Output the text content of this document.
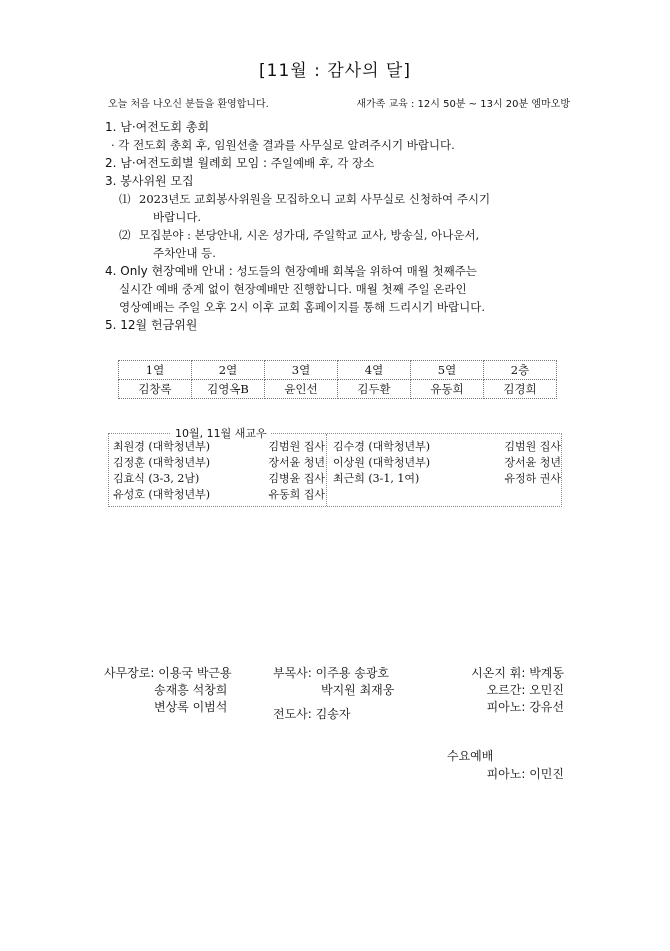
[11월 : 감사의 달]
오늘 처음 나오신 분들을 환영합니다.	새가족 교육 : 12시 50분 ~ 13시 20분 엠마오방
1. 남·여전도회 총회
· 각 전도회 총회 후, 임원선출 결과를 사무실로 알려주시기 바랍니다.
2. 남·여전도회별 월례회 모임 : 주일예배 후, 각 장소
3. 봉사위원 모집
⑴ 2023년도 교회봉사위원을 모집하오니 교회 사무실로 신청하여 주시기
바랍니다.
⑵ 모집분야 : 본당안내, 시온 성가대, 주일학교 교사, 방송실, 아나운서,
주차안내 등.
4. Only 현장예배 안내 : 성도들의 현장예배 회복을 위하여 매월 첫째주는
실시간 예배 중계 없이 현장예배만 진행합니다. 매월 첫째 주일 온라인
영상예배는 주일 오후 2시 이후 교회 홈페이지를 통해 드리시기 바랍니다.
5. 12월 헌금위원
1열	2열	3열	4열	5열	2층
김창록	김영옥B	윤인선	김두환	유동희	김경희
10월, 11월 새교우
최원경 (대학청년부)	김범원 집사
김정훈 (대학청년부)	장서윤 청년
김효식 (3-3, 2남)	김병윤 집사
유성호 (대학청년부)	유동희 집사
김수경 (대학청년부)	김범원 집사
이상원 (대학청년부)	장서윤 청년
최근희 (3-1, 1여)	유정하 권사
사무장로: 이용국 박근용
송재흥 석창희
변상록 이범석
부목사: 이주용 송광호
박지원 최재웅
전도사: 김송자
시온지 휘: 박계동
오르간: 오민진
피아노: 강유선
수요예배
피아노: 이민진
